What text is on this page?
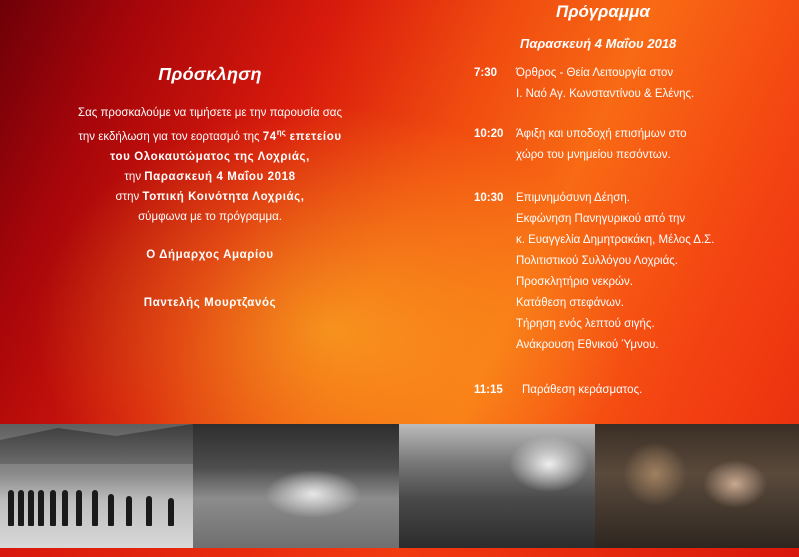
Πρόσκληση

Σας προσκαλούμε να τιμήσετε με την παρουσία σας

την εκδήλωση για τον εορτασμό της $74^{\eta\varsigma}$ επετείου

του Ολοκαυτώματος της Λοχριάς,

την Παρασκευή 4 Μαΐου 2018

στην Τοπική Κοινότητα Λοχριάς,

σύμφωνα με το πρόγραμμα.

Ο Δήμαρχος Αμαρίου

Παντελής Μουρτζανός

Πρόγραμμα
Παρασκευή 4 Μαΐου 2018
7:30 Όρθρος - Θεία Λειτουργία στον
Ι. Ναό Αγ. Κωνσταντίνου & Ελένης.
10:20 Άφιξη και υποδοχή επισήμων στο
χώρο του μνημείου πεσόντων.
10:30 Επιμνημόσυνη Δέηση.
Εκφώνηση Πανηγυρικού από την
κ. Ευαγγελία Δημητρακάκη, Μέλος Δ.Σ.
Πολιτιστικού Συλλόγου Λοχριάς.
Προσκλητήριο νεκρών.
Κατάθεση στεφάνων.
Τήρηση ενός λεπτού σιγής.
Ανάκρουση Εθνικού Ύμνου.
11:15 Παράθεση κεράσματος.
